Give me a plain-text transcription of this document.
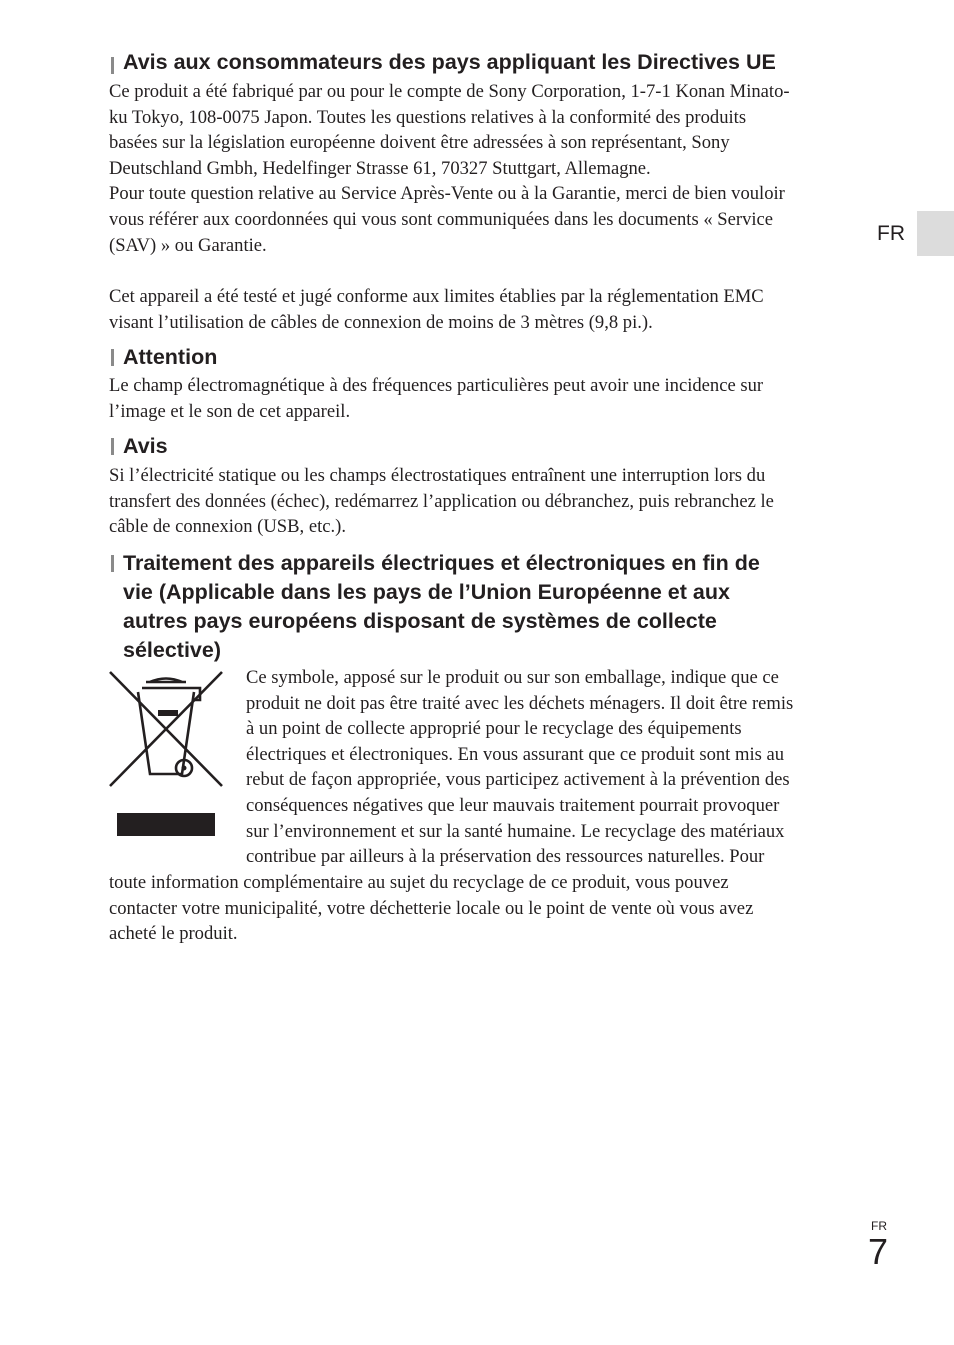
FR
Avis aux consommateurs des pays appliquant les Directives UE

Ce produit a été fabriqué par ou pour le compte de Sony Corporation, 1-7-1 Konan Minato-
ku Tokyo, 108-0075 Japon. Toutes les questions relatives à la conformité des produits
basées sur la législation européenne doivent être adressées à son représentant, Sony
Deutschland Gmbh, Hedelfinger Strasse 61, 70327 Stuttgart, Allemagne.
Pour toute question relative au Service Après-Vente ou à la Garantie, merci de bien vouloir
vous référer aux coordonnées qui vous sont communiquées dans les documents « Service
(SAV) » ou Garantie.

Cet appareil a été testé et jugé conforme aux limites établies par la réglementation EMC
visant l’utilisation de câbles de connexion de moins de 3 mètres (9,8 pi.).

Attention

Le champ électromagnétique à des fréquences particulières peut avoir une incidence sur
l’image et le son de cet appareil.

Avis

Si l’électricité statique ou les champs électrostatiques entraînent une interruption lors du
transfert des données (échec), redémarrez l’application ou débranchez, puis rebranchez le
câble de connexion (USB, etc.).

Traitement des appareils électriques et électroniques en fin de
vie (Applicable dans les pays de l’Union Européenne et aux
autres pays européens disposant de systèmes de collecte
sélective)

Ce symbole, apposé sur le produit ou sur son emballage, indique que ce
produit ne doit pas être traité avec les déchets ménagers. Il doit être remis
à un point de collecte approprié pour le recyclage des équipements
électriques et électroniques. En vous assurant que ce produit sont mis au
rebut de façon appropriée, vous participez activement à la prévention des
conséquences négatives que leur mauvais traitement pourrait provoquer
sur l’environnement et sur la santé humaine. Le recyclage des matériaux
contribue par ailleurs à la préservation des ressources naturelles. Pour

toute information complémentaire au sujet du recyclage de ce produit, vous pouvez
contacter votre municipalité, votre déchetterie locale ou le point de vente où vous avez
acheté le produit.

FR
7
